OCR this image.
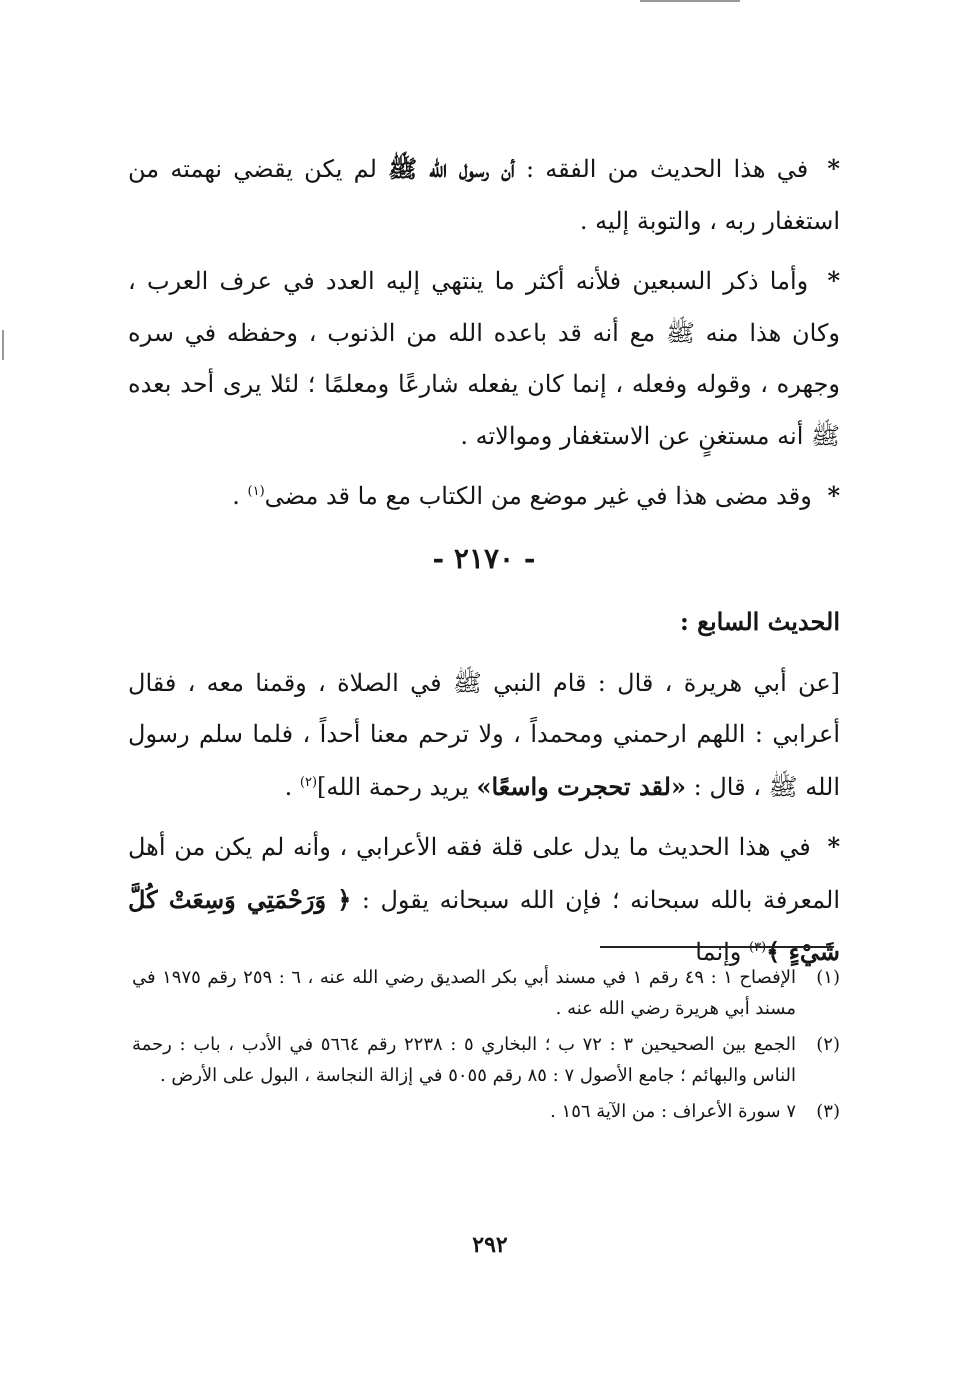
* في هذا الحديث من الفقه : أن رسول الله ﷺ لم يكن يقضي نهمته من استغفار ربه ، والتوبة إليه .

* وأما ذكر السبعين فلأنه أكثر ما ينتهي إليه العدد في عرف العرب ، وكان هذا منه ﷺ مع أنه قد باعده الله من الذنوب ، وحفظه في سره وجهره ، وقوله وفعله ، إنما كان يفعله شارعًا ومعلمًا ؛ لئلا يرى أحد بعده ﷺ أنه مستغنٍ عن الاستغفار وموالاته .

* وقد مضى هذا في غير موضع من الكتاب مع ما قد مضى$^{(١)}$ .

- ٢١٧٠ -

الحديث السابع :

[عن أبي هريرة ، قال : قام النبي ﷺ في الصلاة ، وقمنا معه ، فقال أعرابي : اللهم ارحمني ومحمداً ، ولا ترحم معنا أحداً ، فلما سلم رسول الله ﷺ ، قال : «لقد تحجرت واسعًا» يريد رحمة الله]$^{(٢)}$ .

* في هذا الحديث ما يدل على قلة فقه الأعرابي ، وأنه لم يكن من أهل المعرفة بالله سبحانه ؛ فإن الله سبحانه يقول : ﴿ وَرَحْمَتِي وَسِعَتْ كُلَّ شَيْءٍ ﴾$^{(٣)}$ وإنما

(١)
الإفصاح ١ : ٤٩ رقم ١ في مسند أبي بكر الصديق رضي الله عنه ، ٦ : ٢٥٩ رقم ١٩٧٥ في مسند أبي هريرة رضي الله عنه .
(٢)
الجمع بين الصحيحين ٣ : ٧٢ ب ؛ البخاري ٥ : ٢٢٣٨ رقم ٥٦٦٤ في الأدب ، باب : رحمة الناس والبهائم ؛ جامع الأصول ٧ : ٨٥ رقم ٥٠٥٥ في إزالة النجاسة ، البول على الأرض .
(٣)
٧ سورة الأعراف : من الآية ١٥٦ .
٢٩٢
